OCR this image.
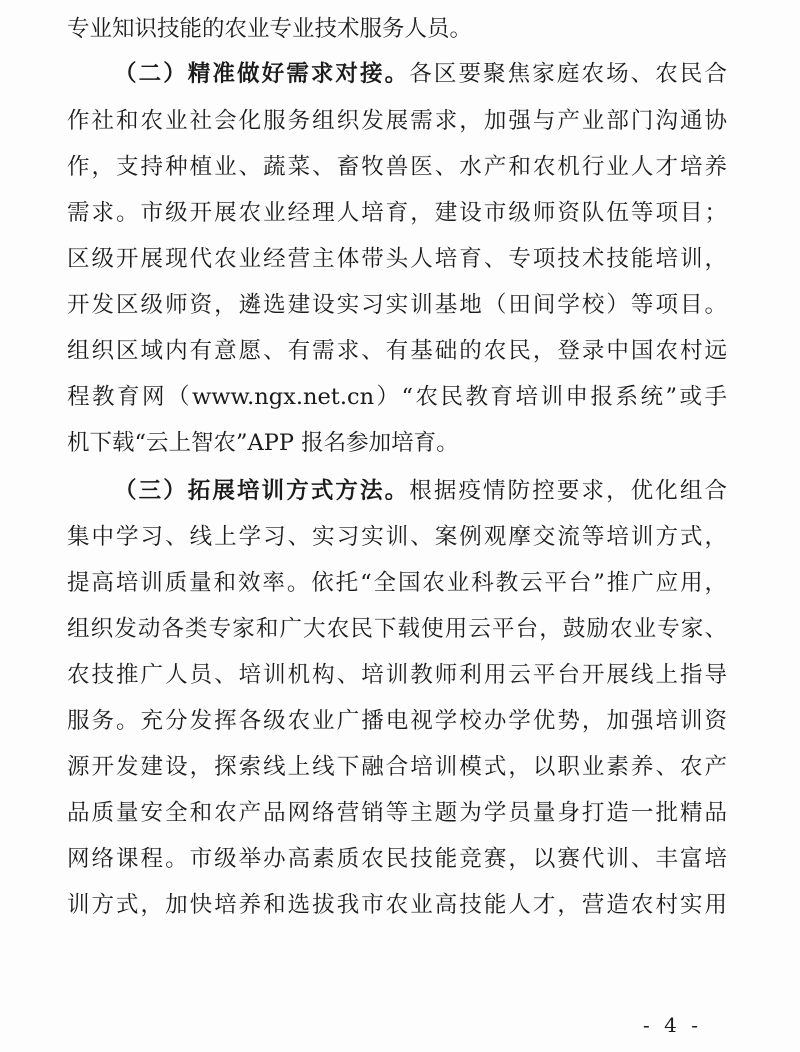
专业知识技能的农业专业技术服务人员。
（二）精准做好需求对接。各区要聚焦家庭农场、农民合
作社和农业社会化服务组织发展需求，加强与产业部门沟通协
作，支持种植业、蔬菜、畜牧兽医、水产和农机行业人才培养
需求。市级开展农业经理人培育，建设市级师资队伍等项目；
区级开展现代农业经营主体带头人培育、专项技术技能培训，
开发区级师资，遴选建设实习实训基地（田间学校）等项目。
组织区域内有意愿、有需求、有基础的农民，登录中国农村远
程教育网（www.ngx.net.cn）“农民教育培训申报系统”或手
机下载“云上智农”APP 报名参加培育。
（三）拓展培训方式方法。根据疫情防控要求，优化组合
集中学习、线上学习、实习实训、案例观摩交流等培训方式，
提高培训质量和效率。依托“全国农业科教云平台”推广应用，
组织发动各类专家和广大农民下载使用云平台，鼓励农业专家、
农技推广人员、培训机构、培训教师利用云平台开展线上指导
服务。充分发挥各级农业广播电视学校办学优势，加强培训资
源开发建设，探索线上线下融合培训模式，以职业素养、农产
品质量安全和农产品网络营销等主题为学员量身打造一批精品
网络课程。市级举办高素质农民技能竞赛，以赛代训、丰富培
训方式，加快培养和选拔我市农业高技能人才，营造农村实用
- 4 -
